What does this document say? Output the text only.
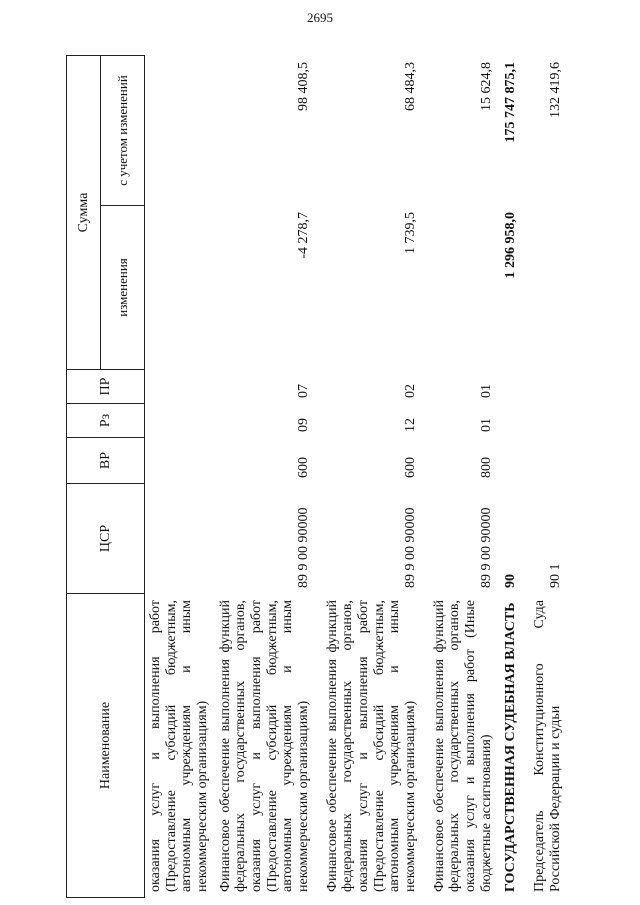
2695
Наименование	ЦСР	ВР	Рз	ПР	Сумма	
					изменения	с учетом изменений
оказания услуг и выполнения работ (Предоставление субсидий бюджетным, автономным учреждениям и иным некоммерческим организациям)						
Финансовое обеспечение выполнения функций федеральных государственных органов, оказания услуг и выполнения работ (Предоставление субсидий бюджетным, автономным учреждениям и иным некоммерческим организациям)	89 9 00 90000	600	09	07	-4 278,7	98 408,5
Финансовое обеспечение выполнения функций федеральных государственных органов, оказания услуг и выполнения работ (Предоставление субсидий бюджетным, автономным учреждениям и иным некоммерческим организациям)	89 9 00 90000	600	12	02	1 739,5	68 484,3
Финансовое обеспечение выполнения функций федеральных государственных органов, оказания услуг и выполнения работ (Иные бюджетные ассигнования)	89 9 00 90000	800	01	01		15 624,8
ГОСУДАРСТВЕННАЯ СУДЕБНАЯ ВЛАСТЬ	90				1 296 958,0	175 747 875,1
Председатель Конституционного Суда Российской Федерации и судьи	90 1					132 419,6
